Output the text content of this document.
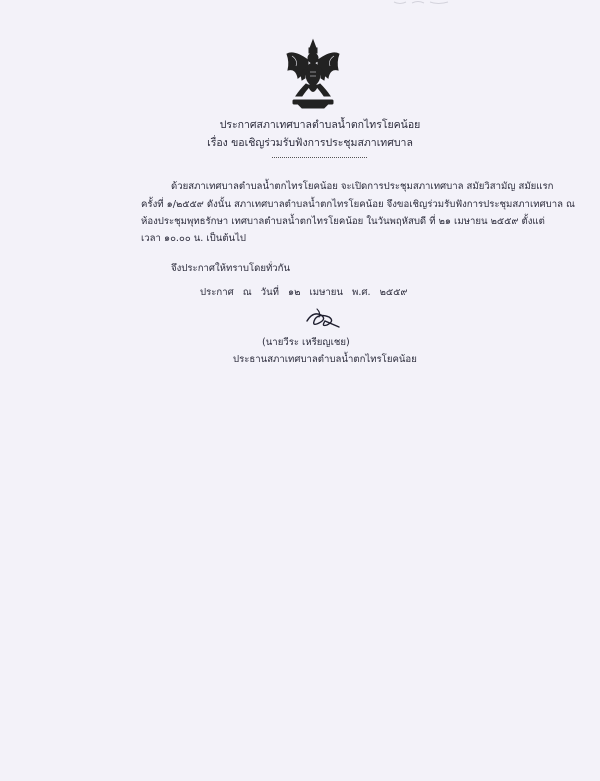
ประกาศสภาเทศบาลตำบลน้ำตกไทรโยคน้อย
เรื่อง ขอเชิญร่วมรับฟังการประชุมสภาเทศบาล
ด้วยสภาเทศบาลตำบลน้ำตกไทรโยคน้อย จะเปิดการประชุมสภาเทศบาล สมัยวิสามัญ สมัยแรก
ครั้งที่ ๑/๒๕๕๙ ดังนั้น สภาเทศบาลตำบลน้ำตกไทรโยคน้อย จึงขอเชิญร่วมรับฟังการประชุมสภาเทศบาล ณ
ห้องประชุมพุทธรักษา เทศบาลตำบลน้ำตกไทรโยคน้อย ในวันพฤหัสบดี ที่ ๒๑ เมษายน ๒๕๕๙ ตั้งแต่
เวลา ๑๐.๐๐ น. เป็นต้นไป
จึงประกาศให้ทราบโดยทั่วกัน
ประกาศ ณ วันที่ ๑๒ เมษายน พ.ศ. ๒๕๕๙
(นายวีระ เหรียญเชย)
ประธานสภาเทศบาลตำบลน้ำตกไทรโยคน้อย
